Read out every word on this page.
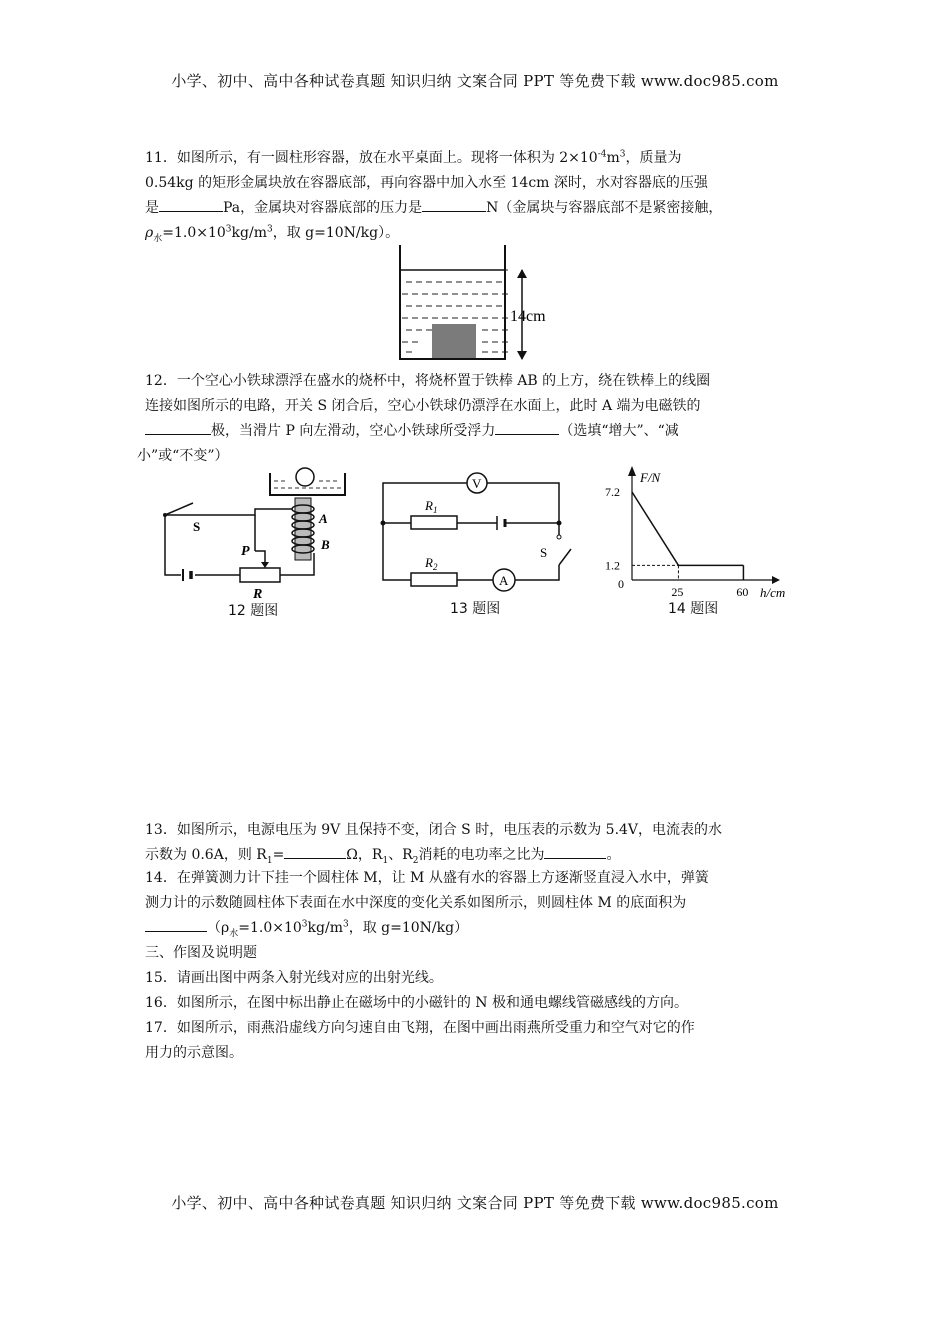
小学、初中、高中各种试卷真题 知识归纳 文案合同 PPT 等免费下载 www.doc985.com
11．如图所示，有一圆柱形容器，放在水平桌面上。现将一体积为 $2\times 10^{-4}m^3$，质量为
0.54kg 的矩形金属块放在容器底部，再向容器中加入水至 14cm 深时，水对容器底的压强
是	Pa，金属块对容器底部的压力是	N（金属块与容器底部不是紧密接触，
$\rho_水=1.0\times 10^3kg/m^3$，取 g=10N/kg）。
14cm
12．一个空心小铁球漂浮在盛水的烧杯中，将烧杯置于铁棒 AB 的上方，绕在铁棒上的线圈
连接如图所示的电路，开关 S 闭合后，空心小铁球仍漂浮在水面上，此时 A 端为电磁铁的
极，当滑片 P 向左滑动，空心小铁球所受浮力	（选填“增大”、“减
小”或“不变”）
S
A
B
P
R
12 题图
V
A
$R_1$
$R_2$
S
13 题图
F/N
h/cm
7.2
1.2
0
25	60
14 题图
13．如图所示，电源电压为 9V 且保持不变，闭合 S 时，电压表的示数为 5.4V，电流表的水
示数为 0.6A，则 $R_1=$	Ω，$R_1$、$R_2$消耗的电功率之比为	。
14．在弹簧测力计下挂一个圆柱体 M，让 M 从盛有水的容器上方逐渐竖直浸入水中，弹簧
测力计的示数随圆柱体下表面在水中深度的变化关系如图所示，则圆柱体 M 的底面积为
（$\rho_水=1.0\times 10^3kg/m^3$，取 g=10N/kg）
三、作图及说明题
15．请画出图中两条入射光线对应的出射光线。
16．如图所示，在图中标出静止在磁场中的小磁针的 N 极和通电螺线管磁感线的方向。
17．如图所示，雨燕沿虚线方向匀速自由飞翔，在图中画出雨燕所受重力和空气对它的作
用力的示意图。
小学、初中、高中各种试卷真题 知识归纳 文案合同 PPT 等免费下载 www.doc985.com
